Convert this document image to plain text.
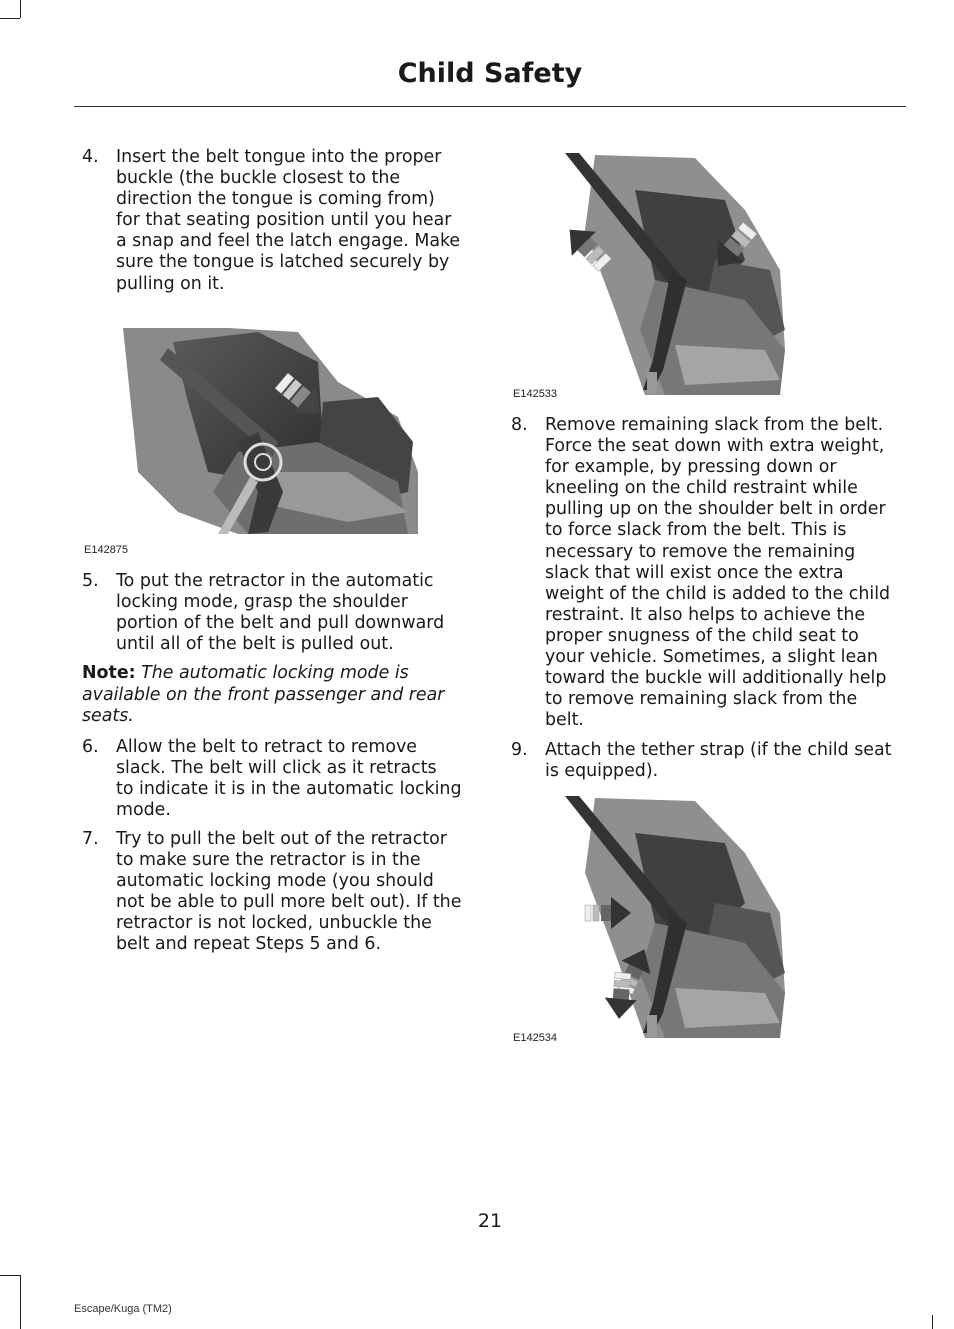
Child Safety
4. Insert the belt tongue into the proper
buckle (the buckle closest to the
direction the tongue is coming from)
for that seating position until you hear
a snap and feel the latch engage. Make
sure the tongue is latched securely by
pulling on it.
E142875
5. To put the retractor in the automatic
locking mode, grasp the shoulder
portion of the belt and pull downward
until all of the belt is pulled out.
Note: The automatic locking mode is
available on the front passenger and rear
seats.
6. Allow the belt to retract to remove
slack. The belt will click as it retracts
to indicate it is in the automatic locking
mode.
7. Try to pull the belt out of the retractor
to make sure the retractor is in the
automatic locking mode (you should
not be able to pull more belt out). If the
retractor is not locked, unbuckle the
belt and repeat Steps 5 and 6.
E142533
8. Remove remaining slack from the belt.
Force the seat down with extra weight,
for example, by pressing down or
kneeling on the child restraint while
pulling up on the shoulder belt in order
to force slack from the belt. This is
necessary to remove the remaining
slack that will exist once the extra
weight of the child is added to the child
restraint. It also helps to achieve the
proper snugness of the child seat to
your vehicle. Sometimes, a slight lean
toward the buckle will additionally help
to remove remaining slack from the
belt.
9. Attach the tether strap (if the child seat
is equipped).
E142534
21
Escape/Kuga (TM2)
